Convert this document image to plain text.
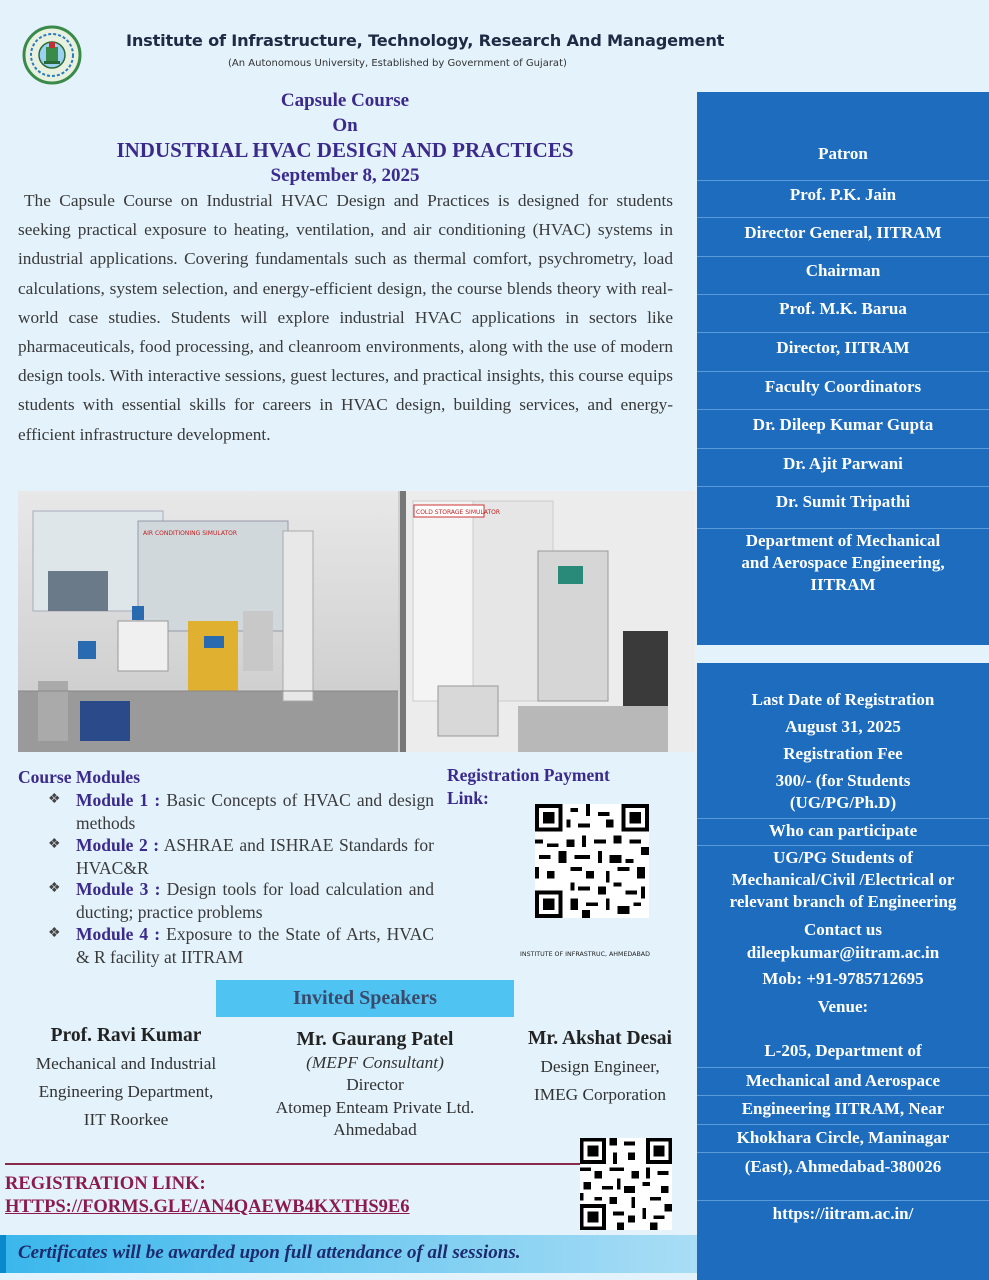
Institute of Infrastructure, Technology, Research And Management
(An Autonomous University, Established by Government of Gujarat)
Capsule Course
On
INDUSTRIAL HVAC DESIGN AND PRACTICES
September 8, 2025
The Capsule Course on Industrial HVAC Design and Practices is designed for students seeking practical exposure to heating, ventilation, and air conditioning (HVAC) systems in industrial applications. Covering fundamentals such as thermal comfort, psychrometry, load calculations, system selection, and energy-efficient design, the course blends theory with real-world case studies. Students will explore industrial HVAC applications in sectors like pharmaceuticals, food processing, and cleanroom environments, along with the use of modern design tools. With interactive sessions, guest lectures, and practical insights, this course equips students with essential skills for careers in HVAC design, building services, and energy-efficient infrastructure development.
AIR CONDITIONING SIMULATOR
COLD STORAGE SIMULATOR
Patron
Prof. P.K. Jain
Director General, IITRAM
Chairman
Prof. M.K. Barua
Director, IITRAM
Faculty Coordinators
Dr. Dileep Kumar Gupta
Dr. Ajit Parwani
Dr. Sumit Tripathi
Department of Mechanical
and Aerospace Engineering,
IITRAM
Last Date of Registration
August 31, 2025
Registration Fee
300/- (for Students
(UG/PG/Ph.D)
Who can participate
UG/PG Students of
Mechanical/Civil /Electrical or
relevant branch of Engineering
Contact us
dileepkumar@iitram.ac.in
Mob: +91-9785712695
Venue:
L-205, Department of
Mechanical and Aerospace
Engineering IITRAM, Near
Khokhara Circle, Maninagar
(East), Ahmedabad-380026
https://iitram.ac.in/
Course Modules
❖ Module 1 : Basic Concepts of HVAC and design methods
❖ Module 2 : ASHRAE and ISHRAE Standards for HVAC&R
❖ Module 3 : Design tools for load calculation and ducting; practice problems
❖ Module 4 : Exposure to the State of Arts, HVAC & R facility at IITRAM
Registration Payment Link:
INSTITUTE OF INFRASTRUC, AHMEDABAD
Invited Speakers
Prof. Ravi Kumar
Mechanical and Industrial
Engineering Department,
IIT Roorkee
Mr. Gaurang Patel
(MEPF Consultant)
Director
Atomep Enteam Private Ltd.
Ahmedabad
Mr. Akshat Desai
Design Engineer,
IMEG Corporation
REGISTRATION LINK:
HTTPS://FORMS.GLE/AN4QAEWB4KXTHS9E6
Certificates will be awarded upon full attendance of all sessions.
